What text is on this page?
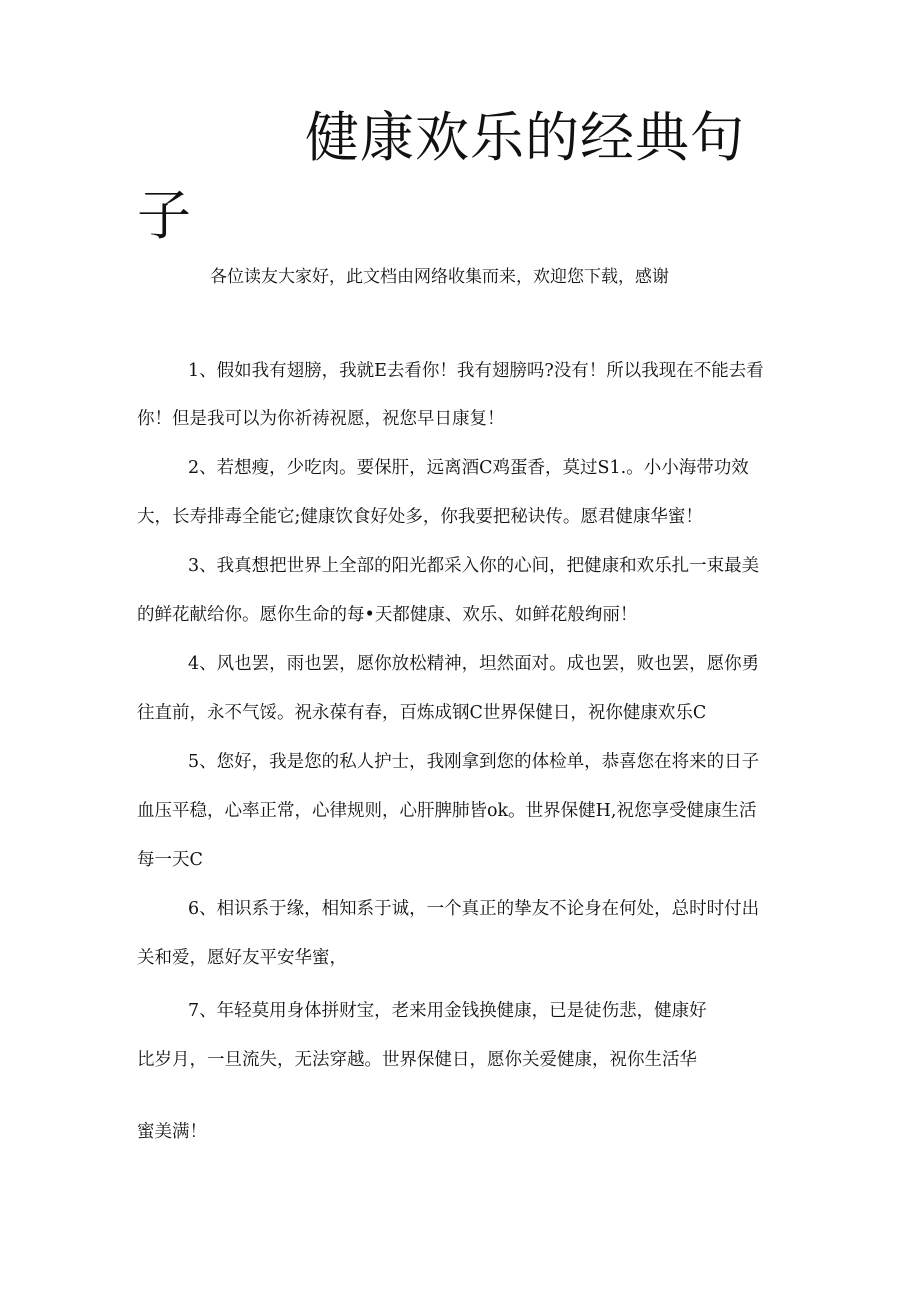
健康欢乐的经典句
子
各位读友大家好，此文档由网络收集而来，欢迎您下载，感谢
1、假如我有翅膀，我就E去看你！我有翅膀吗?没有！所以我现在不能去看
你！但是我可以为你祈祷祝愿，祝您早日康复！
2、若想瘦，少吃肉。要保肝，远离酒C鸡蛋香，莫过S1.。小小海带功效
大，长寿排毒全能它;健康饮食好处多，你我要把秘诀传。愿君健康华蜜！
3、我真想把世界上全部的阳光都采入你的心间，把健康和欢乐扎一束最美
的鲜花献给你。愿你生命的每•天都健康、欢乐、如鲜花般绚丽！
4、风也罢，雨也罢，愿你放松精神，坦然面对。成也罢，败也罢，愿你勇
往直前，永不气馁。祝永葆有春，百炼成钢C世界保健日，祝你健康欢乐C
5、您好，我是您的私人护士，我刚拿到您的体检单，恭喜您在将来的日子
血压平稳，心率正常，心律规则，心肝脾肺皆ok。世界保健H,祝您享受健康生活
每一天C
6、相识系于缘，相知系于诚，一个真正的挚友不论身在何处，总时时付出
关和爱，愿好友平安华蜜，
7、年轻莫用身体拼财宝，老来用金钱换健康，已是徒伤悲，健康好
比岁月，一旦流失，无法穿越。世界保健日，愿你关爱健康，祝你生活华
蜜美满！
